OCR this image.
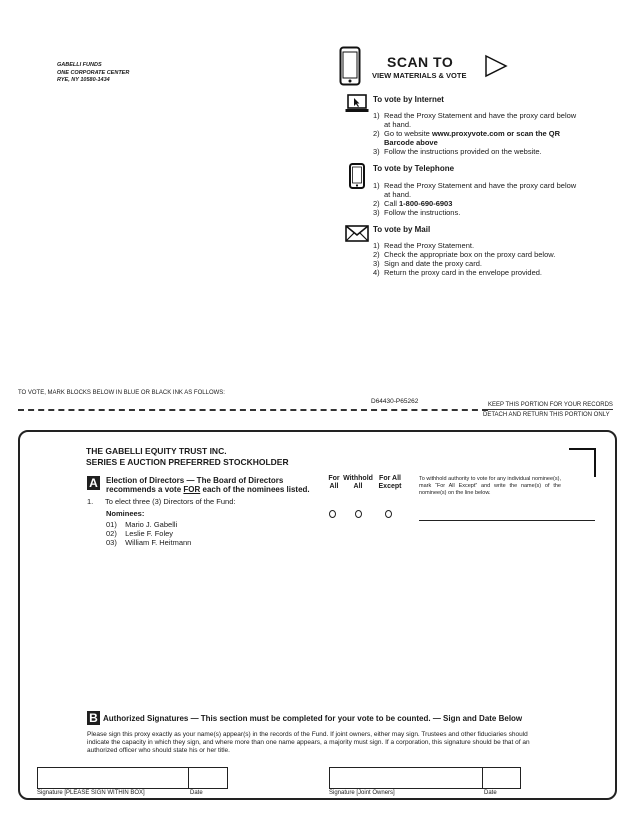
GABELLI FUNDS
ONE CORPORATE CENTER
RYE, NY 10580-1434
SCAN TO
VIEW MATERIALS & VOTE
To vote by Internet
1) Read the Proxy Statement and have the proxy card below at hand.
2) Go to website www.proxyvote.com or scan the QR Barcode above
3) Follow the instructions provided on the website.
To vote by Telephone
1) Read the Proxy Statement and have the proxy card below at hand.
2) Call 1-800-690-6903
3) Follow the instructions.
To vote by Mail
1) Read the Proxy Statement.
2) Check the appropriate box on the proxy card below.
3) Sign and date the proxy card.
4) Return the proxy card in the envelope provided.
TO VOTE, MARK BLOCKS BELOW IN BLUE OR BLACK INK AS FOLLOWS:
D64430-P65262	KEEP THIS PORTION FOR YOUR RECORDS
DETACH AND RETURN THIS PORTION ONLY
THE GABELLI EQUITY TRUST INC.
SERIES E AUCTION PREFERRED STOCKHOLDER
A Election of Directors — The Board of Directors
recommends a vote FOR each of the nominees listed.
1. To elect three (3) Directors of the Fund:
Nominees:
01) Mario J. Gabelli
02) Leslie F. Foley
03) William F. Heitmann
For
All
Withhold
All
For All
Except
To withhold authority to vote for any individual nominee(s), mark “For All Except” and write the name(s) of the nominee(s) on the line below.
B Authorized Signatures — This section must be completed for your vote to be counted. — Sign and Date Below
Please sign this proxy exactly as your name(s) appear(s) in the records of the Fund. If joint owners, either may sign. Trustees and other fiduciaries should indicate the capacity in which they sign, and where more than one name appears, a majority must sign. If a corporation, this signature should be that of an authorized officer who should state his or her title.
Signature [PLEASE SIGN WITHIN BOX]	Date	Signature [Joint Owners]	Date
